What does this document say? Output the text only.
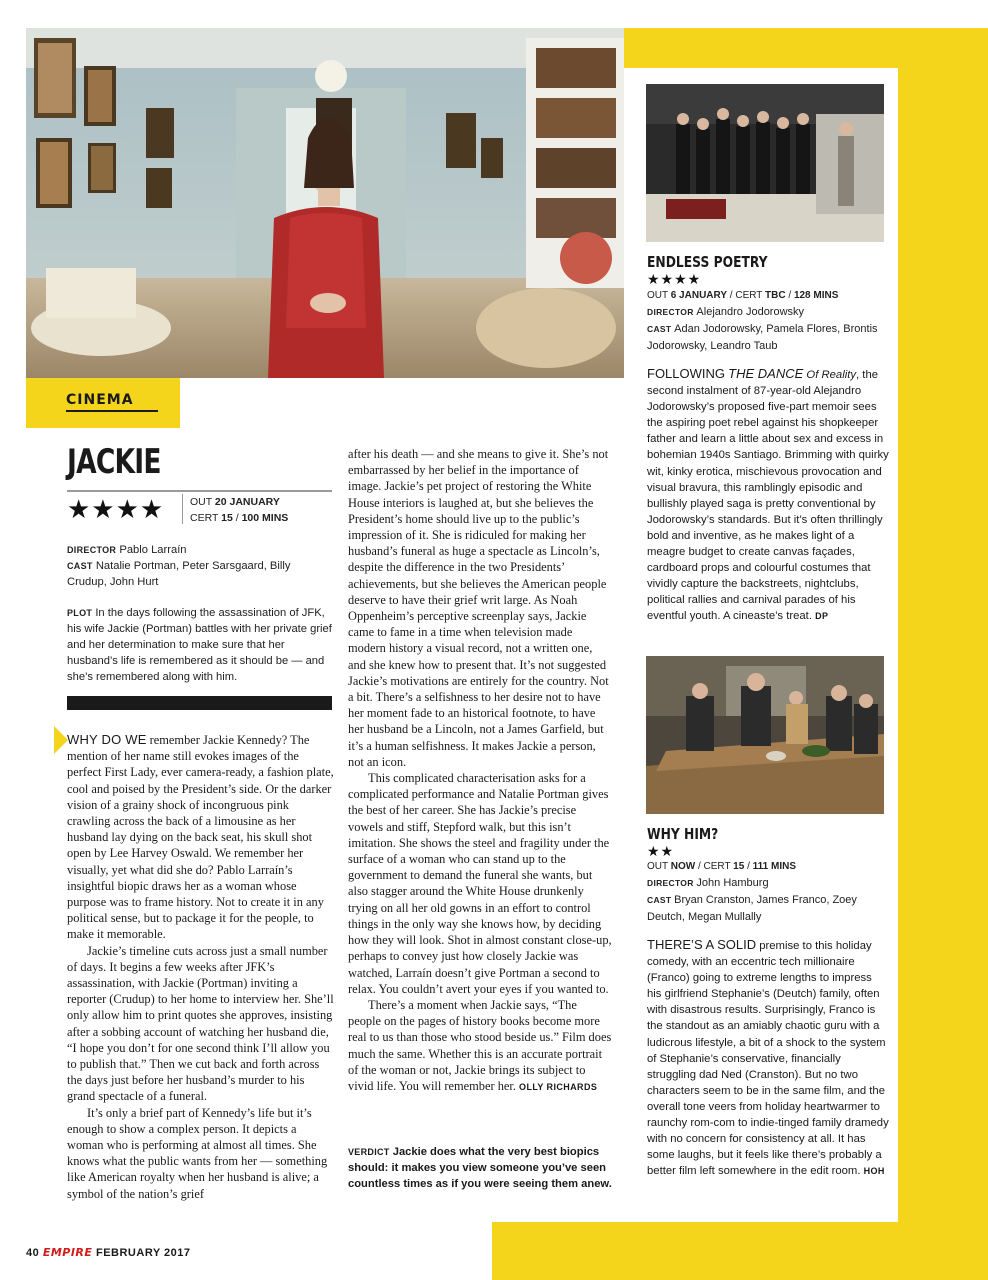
CINEMA
JACKIE
★★★★ OUT 20 JANUARY
CERT 15 / 100 MINS
DIRECTOR Pablo Larraín
CAST Natalie Portman, Peter Sarsgaard, Billy Crudup, John Hurt
PLOT In the days following the assassination of JFK, his wife Jackie (Portman) battles with her private grief and her determination to make sure that her husband’s life is remembered as it should be — and she’s remembered along with him.

WHY DO WE remember Jackie Kennedy? The mention of her name still evokes images of the perfect First Lady, ever camera-ready, a fashion plate, cool and poised by the President’s side. Or the darker vision of a grainy shock of incongruous pink crawling across the back of a limousine as her husband lay dying on the back seat, his skull shot open by Lee Harvey Oswald. We remember her visually, yet what did she do? Pablo Larraín’s insightful biopic draws her as a woman whose purpose was to frame history. Not to create it in any political sense, but to package it for the people, to make it memorable.

Jackie’s timeline cuts across just a small number of days. It begins a few weeks after JFK’s assassination, with Jackie (Portman) inviting a reporter (Crudup) to her home to interview her. She’ll only allow him to print quotes she approves, insisting after a sobbing account of watching her husband die, “I hope you don’t for one second think I’ll allow you to publish that.” Then we cut back and forth across the days just before her husband’s murder to his grand spectacle of a funeral.

It’s only a brief part of Kennedy’s life but it’s enough to show a complex person. It depicts a woman who is performing at almost all times. She knows what the public wants from her — something like American royalty when her husband is alive; a symbol of the nation’s grief

after his death — and she means to give it. She’s not embarrassed by her belief in the importance of image. Jackie’s pet project of restoring the White House interiors is laughed at, but she believes the President’s home should live up to the public’s impression of it. She is ridiculed for making her husband’s funeral as huge a spectacle as Lincoln’s, despite the difference in the two Presidents’ achievements, but she believes the American people deserve to have their grief writ large. As Noah Oppenheim’s perceptive screenplay says, Jackie came to fame in a time when television made modern history a visual record, not a written one, and she knew how to present that. It’s not suggested Jackie’s motivations are entirely for the country. Not a bit. There’s a selfishness to her desire not to have her moment fade to an historical footnote, to have her husband be a Lincoln, not a James Garfield, but it’s a human selfishness. It makes Jackie a person, not an icon.

This complicated characterisation asks for a complicated performance and Natalie Portman gives the best of her career. She has Jackie’s precise vowels and stiff, Stepford walk, but this isn’t imitation. She shows the steel and fragility under the surface of a woman who can stand up to the government to demand the funeral she wants, but also stagger around the White House drunkenly trying on all her old gowns in an effort to control things in the only way she knows how, by deciding how they will look. Shot in almost constant close-up, perhaps to convey just how closely Jackie was watched, Larraín doesn’t give Portman a second to relax. You couldn’t avert your eyes if you wanted to.

There’s a moment when Jackie says, “The people on the pages of history books become more real to us than those who stood beside us.” Film does much the same. Whether this is an accurate portrait of the woman or not, Jackie brings its subject to vivid life. You will remember her. OLLY RICHARDS

VERDICT Jackie does what the very best biopics should: it makes you view someone you’ve seen countless times as if you were seeing them anew.
ENDLESS POETRY
★★★★
OUT 6 JANUARY / CERT TBC / 128 MINS
DIRECTOR Alejandro Jodorowsky
CAST Adan Jodorowsky, Pamela Flores, Brontis Jodorowsky, Leandro Taub
FOLLOWING THE DANCE Of Reality, the second instalment of 87-year-old Alejandro Jodorowsky’s proposed five-part memoir sees the aspiring poet rebel against his shopkeeper father and learn a little about sex and excess in bohemian 1940s Santiago. Brimming with quirky wit, kinky erotica, mischievous provocation and visual bravura, this ramblingly episodic and bullishly played saga is pretty conventional by Jodorowsky’s standards. But it’s often thrillingly bold and inventive, as he makes light of a meagre budget to create canvas façades, cardboard props and colourful costumes that vividly capture the backstreets, nightclubs, political rallies and carnival parades of his eventful youth. A cineaste’s treat. DP
WHY HIM?
★★
OUT NOW / CERT 15 / 111 MINS
DIRECTOR John Hamburg
CAST Bryan Cranston, James Franco, Zoey Deutch, Megan Mullally
THERE’S A SOLID premise to this holiday comedy, with an eccentric tech millionaire (Franco) going to extreme lengths to impress his girlfriend Stephanie’s (Deutch) family, often with disastrous results. Surprisingly, Franco is the standout as an amiably chaotic guru with a ludicrous lifestyle, a bit of a shock to the system of Stephanie’s conservative, financially struggling dad Ned (Cranston). But no two characters seem to be in the same film, and the overall tone veers from holiday heartwarmer to raunchy rom-com to indie-tinged family dramedy with no concern for consistency at all. It has some laughs, but it feels like there’s probably a better film left somewhere in the edit room. HOH
40 EMPIRE FEBRUARY 2017
